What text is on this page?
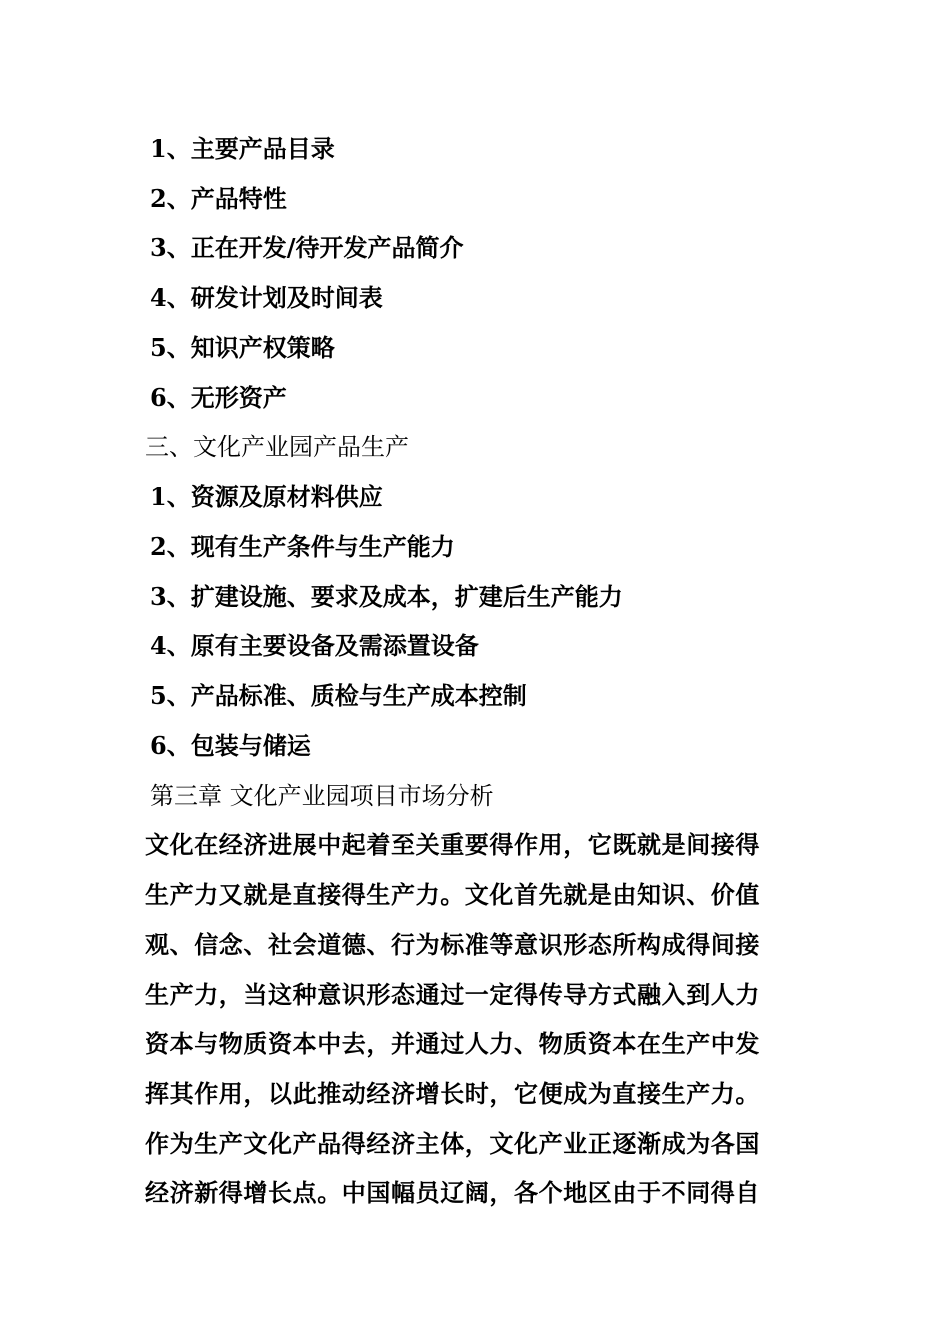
1、主要产品目录
2、产品特性
3、正在开发/待开发产品简介
4、研发计划及时间表
5、知识产权策略
6、无形资产
三、文化产业园产品生产
1、资源及原材料供应
2、现有生产条件与生产能力
3、扩建设施、要求及成本，扩建后生产能力
4、原有主要设备及需添置设备
5、产品标准、质检与生产成本控制
6、包装与储运
第三章 文化产业园项目市场分析
文化在经济进展中起着至关重要得作用，它既就是间接得
生产力又就是直接得生产力。文化首先就是由知识、价值
观、信念、社会道德、行为标准等意识形态所构成得间接
生产力，当这种意识形态通过一定得传导方式融入到人力
资本与物质资本中去，并通过人力、物质资本在生产中发
挥其作用，以此推动经济增长时，它便成为直接生产力。
作为生产文化产品得经济主体，文化产业正逐渐成为各国
经济新得增长点。中国幅员辽阔，各个地区由于不同得自
